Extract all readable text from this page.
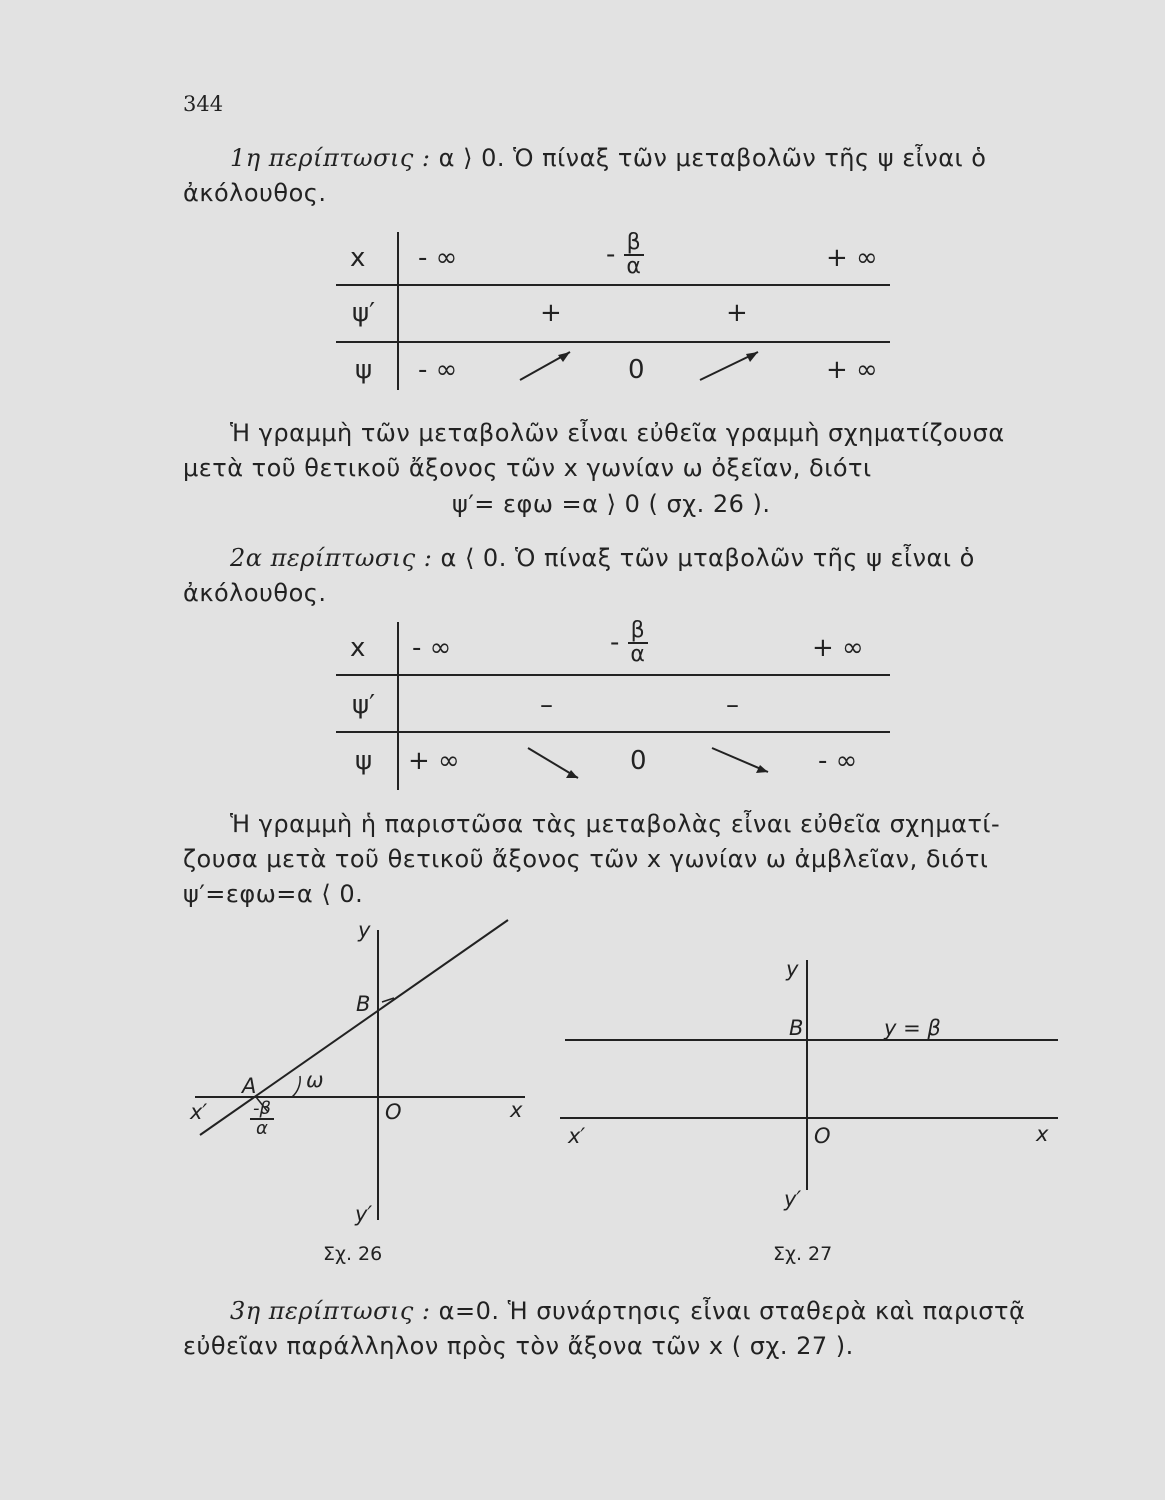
344
1η περίπτωσις : α ⟩ 0. Ὁ πίναξ τῶν μεταβολῶν τῆς ψ εἶναι ὁ
ἀκόλουθος.
x - ∞	- $\frac{\beta}{\alpha}$	+ ∞
ψ′	+	+
ψ - ∞	0	+ ∞
Ἡ γραμμὴ τῶν μεταβολῶν εἶναι εὐθεῖα γραμμὴ σχηματίζουσα
μετὰ τοῦ θετικοῦ ἄξονος τῶν x γωνίαν ω ὀξεῖαν, διότι
ψ′= εφω =α ⟩ 0 ( σχ. 26 ).
2α περίπτωσις : α ⟨ 0. Ὁ πίναξ τῶν μταβολῶν τῆς ψ εἶναι ὁ
ἀκόλουθος.
x - ∞	- $\frac{\beta}{\alpha}$	+ ∞
ψ′	–	–
ψ + ∞	0	- ∞
Ἡ γραμμὴ ἡ παριστῶσα τὰς μεταβολὰς εἶναι εὐθεῖα σχηματί-
ζουσα μετὰ τοῦ θετικοῦ ἄξονος τῶν x γωνίαν ω ἀμβλεῖαν, διότι
ψ′=εφω=α ⟨ 0.
y
y′
x
x′	O
B
A ω
$\frac{-\beta}{\alpha}$
Σχ. 26
y
y′
x
x′	O
B	y = β
Σχ. 27
3η περίπτωσις : α=0. Ἡ συνάρτησις εἶναι σταθερὰ καὶ παριστᾷ
εὐθεῖαν παράλληλον πρὸς τὸν ἄξονα τῶν x ( σχ. 27 ).
